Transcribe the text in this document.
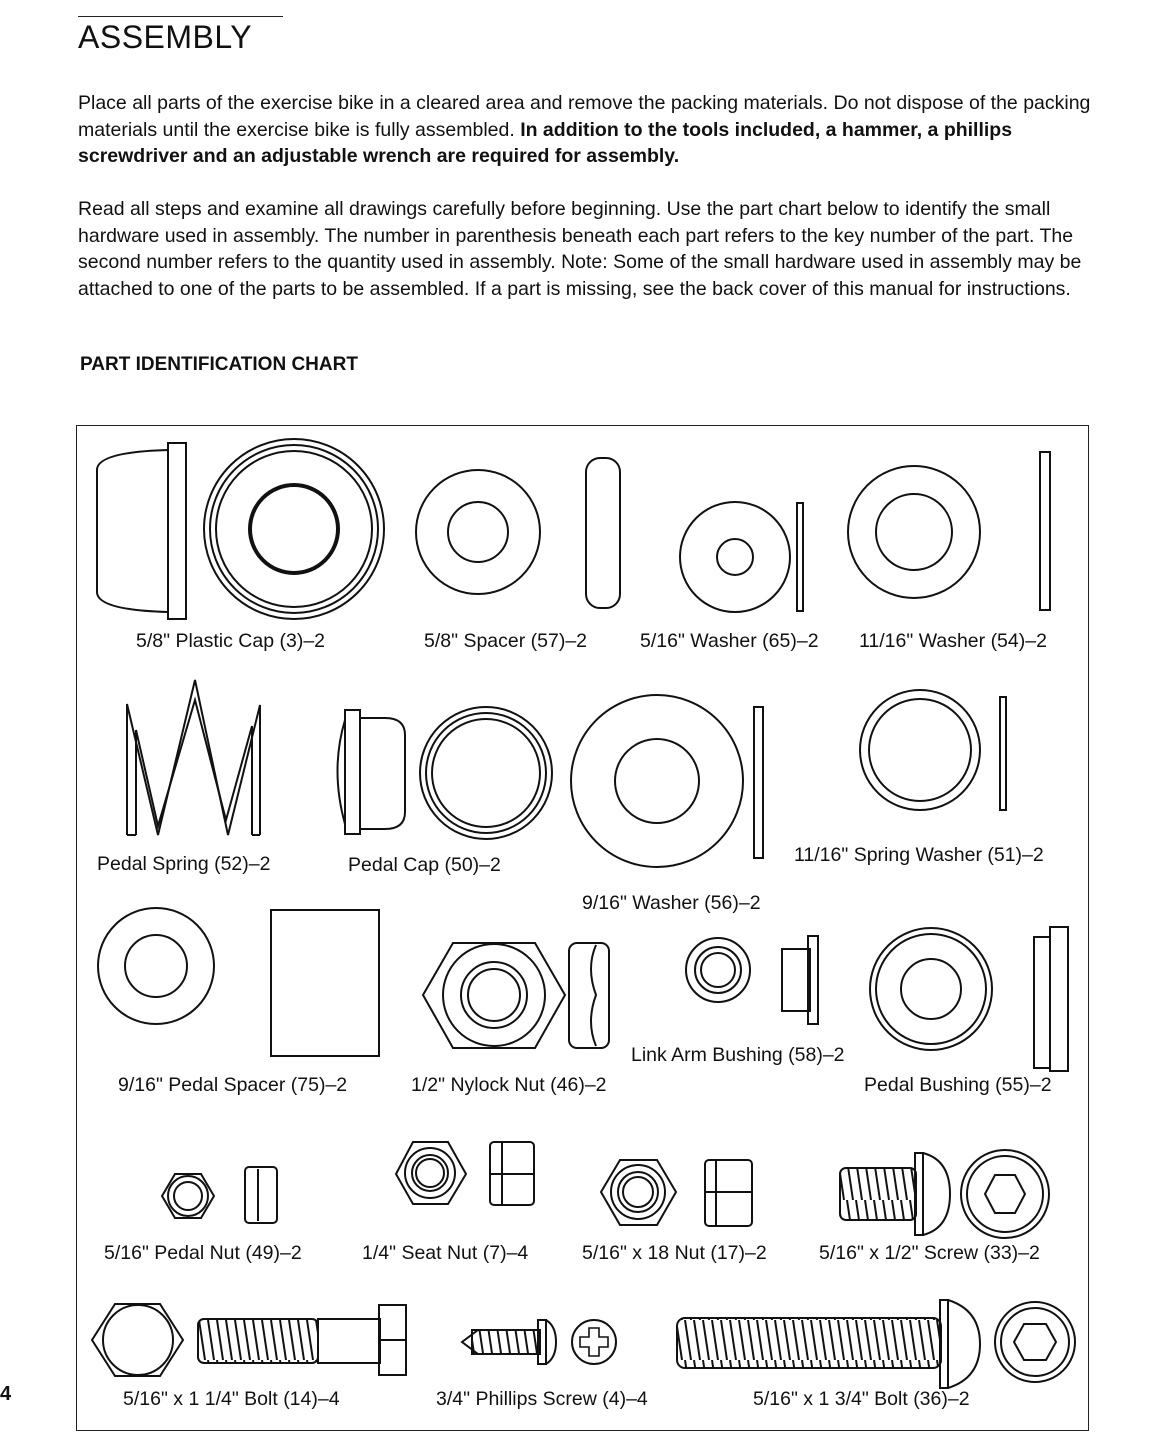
ASSEMBLY

Place all parts of the exercise bike in a cleared area and remove the packing materials. Do not dispose of the packing materials until the exercise bike is fully assembled. In addition to the tools included, a hammer, a phillips screwdriver and an adjustable wrench are required for assembly.

Read all steps and examine all drawings carefully before beginning. Use the part chart below to identify the small hardware used in assembly. The number in parenthesis beneath each part refers to the key number of the part. The second number refers to the quantity used in assembly. Note: Some of the small hardware used in assembly may be attached to one of the parts to be assembled. If a part is missing, see the back cover of this manual for instructions.

PART IDENTIFICATION CHART

5/8" Plastic Cap (3)–2	5/8" Spacer (57)–2	5/16" Washer (65)–2 11/16" Washer (54)–2

Pedal Spring (52)–2	Pedal Cap (50)–2

9/16" Washer (56)–2

11/16" Spring Washer (51)–2

9/16" Pedal Spacer (75)–2	1/2" Nylock Nut (46)–2

Link Arm Bushing (58)–2

Pedal Bushing (55)–2

5/16" Pedal Nut (49)–2	1/4" Seat Nut (7)–4	5/16" x 18 Nut (17)–2	5/16" x 1/2" Screw (33)–2

5/16" x 1 1/4" Bolt (14)–4	3/4" Phillips Screw (4)–4	5/16" x 1 3/4" Bolt (36)–2

4
